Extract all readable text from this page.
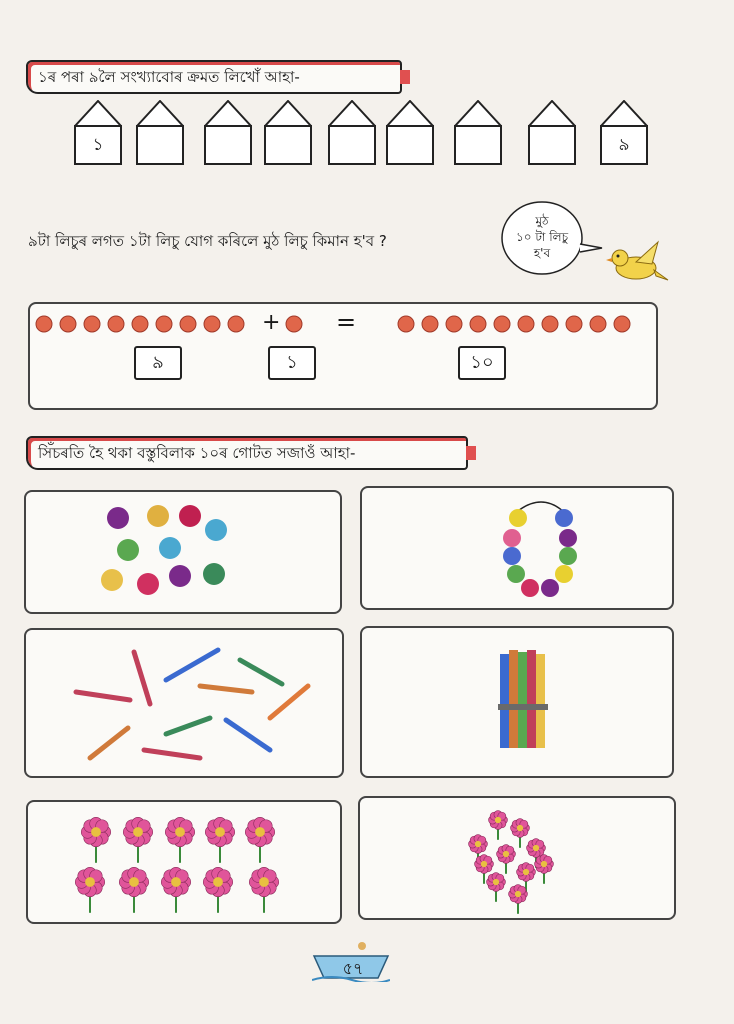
১ৰ পৰা ৯লৈ সংখ্যাবোৰ ক্ৰমত লিখোঁ আহা-
১	৯
৯টা লিচুৰ লগত ১টা লিচু যোগ কৰিলে মুঠ লিচু কিমান হ'ব ?
মুঠ
১০ টা লিচু
হ'ব
+ =
৯	১	১০
সিঁচৰতি হৈ থকা বস্তুবিলাক ১০ৰ গোটত সজাওঁ আহা-
৫৭
